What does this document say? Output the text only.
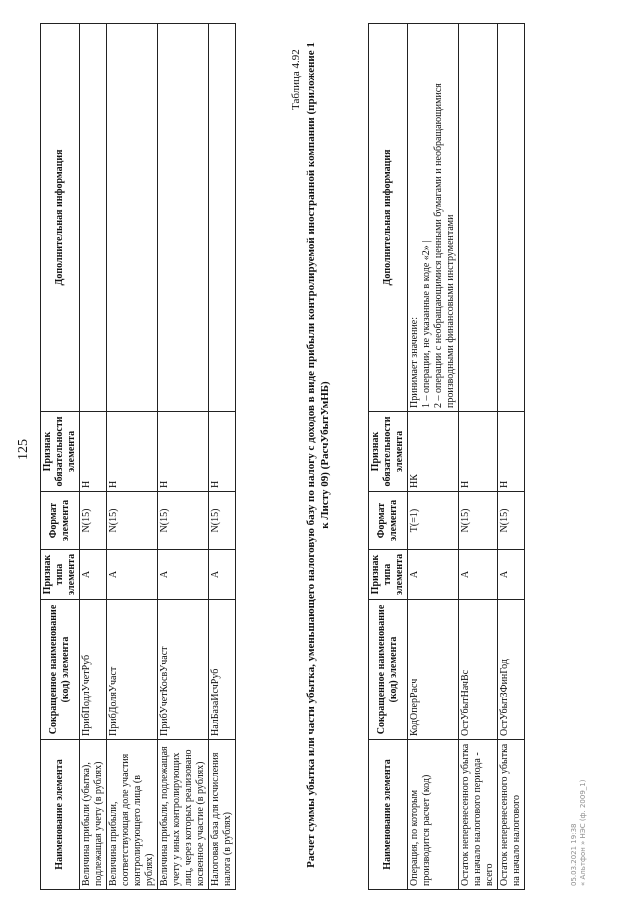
125
Наименование элемента	Сокращенное наименование (код) элемента	Признак типа элемента	Формат элемента	Признак обязательности элемента	Дополнительная информация
Величина прибыли (убытка), подлежащая учету (в рублях)	ПрибПодлУчетРуб	А	N(15)	Н	
Величина прибыли, соответствующая доле участия контролирующего лица (в рублях)	ПрибДоляУчаст	А	N(15)	Н	
Величина прибыли, подлежащая учету у иных контролирующих лиц, через которых реализовано косвенное участие (в рублях)	ПрибУчетКосвУчаст	А	N(15)	Н	
Налоговая база для исчисления налога (в рублях)	НалБазаИсчРуб	А	N(15)	Н	
Таблица 4.92 Расчет суммы убытка или части убытка, уменьшающего налоговую базу по налогу с доходов в виде прибыли контролируемой иностранной компании (приложение 1 к Листу 09) (РасчУбытУмНБ)
Наименование элемента	Сокращенное наименование (код) элемента	Признак типа элемента	Формат элемента	Признак обязательности элемента	Дополнительная информация
Операция, по которым производится расчет (код)	КодОперРасч	А	T(=1)	НК	Принимает значение:
1 – операции, не указанные в коде «2» |
2 – операции с необращающимися ценными бумагами и необращающимися производными финансовыми инструментами
Остаток неперенесенного убытка на начало налогового периода - всего	ОстУбытНачВс	А	N(15)	Н	
Остаток неперенесенного убытка на начало налогового	ОстУбытЗФинГод	А	N(15)	Н	
05.03.2021 19:38 « Альтфон » НЭС (ф. 2009_1)
